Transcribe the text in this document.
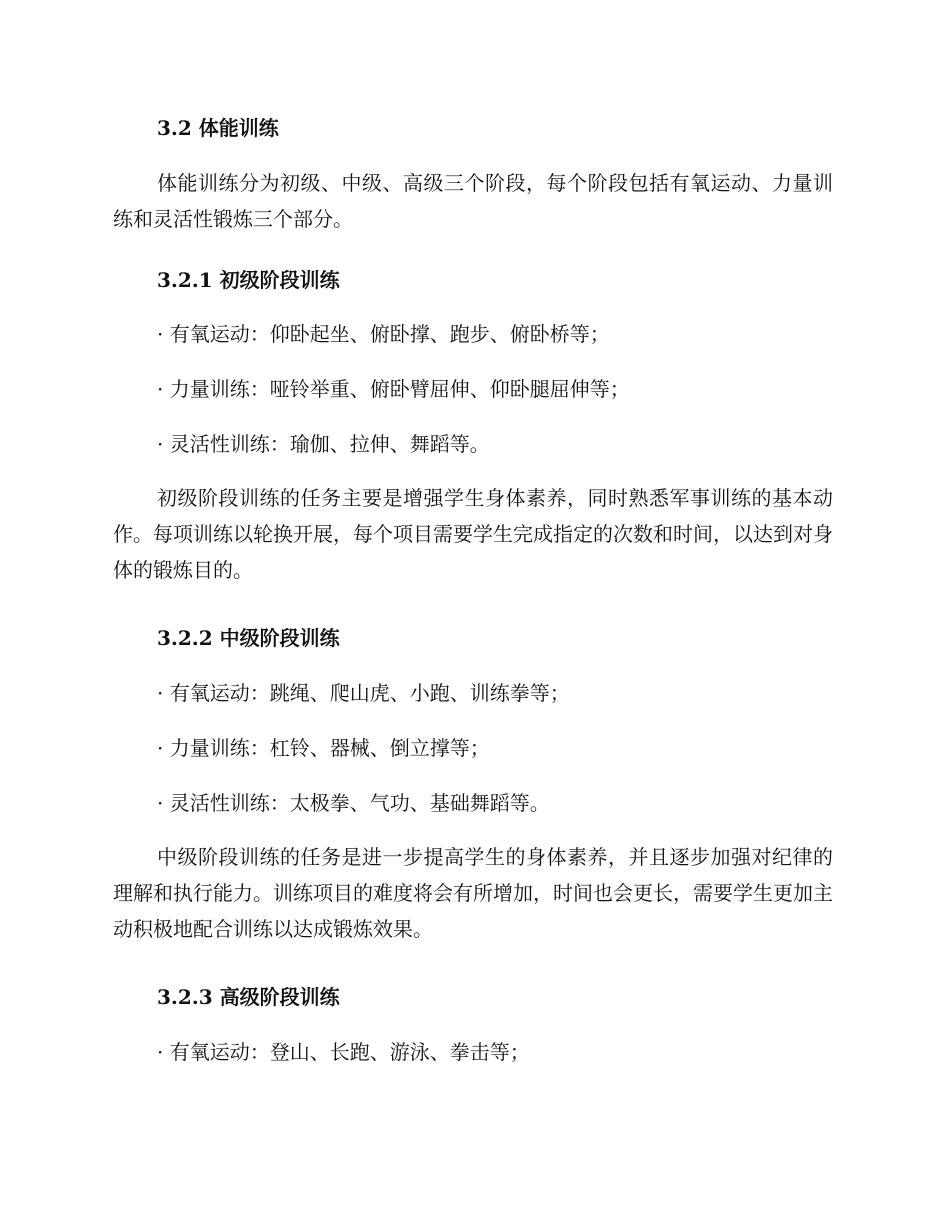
3.2 体能训练

体能训练分为初级、中级、高级三个阶段，每个阶段包括有氧运动、力量训练和灵活性锻炼三个部分。

3.2.1 初级阶段训练
· 有氧运动：仰卧起坐、俯卧撑、跑步、俯卧桥等；
· 力量训练：哑铃举重、俯卧臂屈伸、仰卧腿屈伸等；
· 灵活性训练：瑜伽、拉伸、舞蹈等。

初级阶段训练的任务主要是增强学生身体素养，同时熟悉军事训练的基本动作。每项训练以轮换开展，每个项目需要学生完成指定的次数和时间，以达到对身体的锻炼目的。

3.2.2 中级阶段训练
· 有氧运动：跳绳、爬山虎、小跑、训练拳等；
· 力量训练：杠铃、器械、倒立撑等；
· 灵活性训练：太极拳、气功、基础舞蹈等。

中级阶段训练的任务是进一步提高学生的身体素养，并且逐步加强对纪律的理解和执行能力。训练项目的难度将会有所增加，时间也会更长，需要学生更加主动积极地配合训练以达成锻炼效果。

3.2.3 高级阶段训练
· 有氧运动：登山、长跑、游泳、拳击等；
